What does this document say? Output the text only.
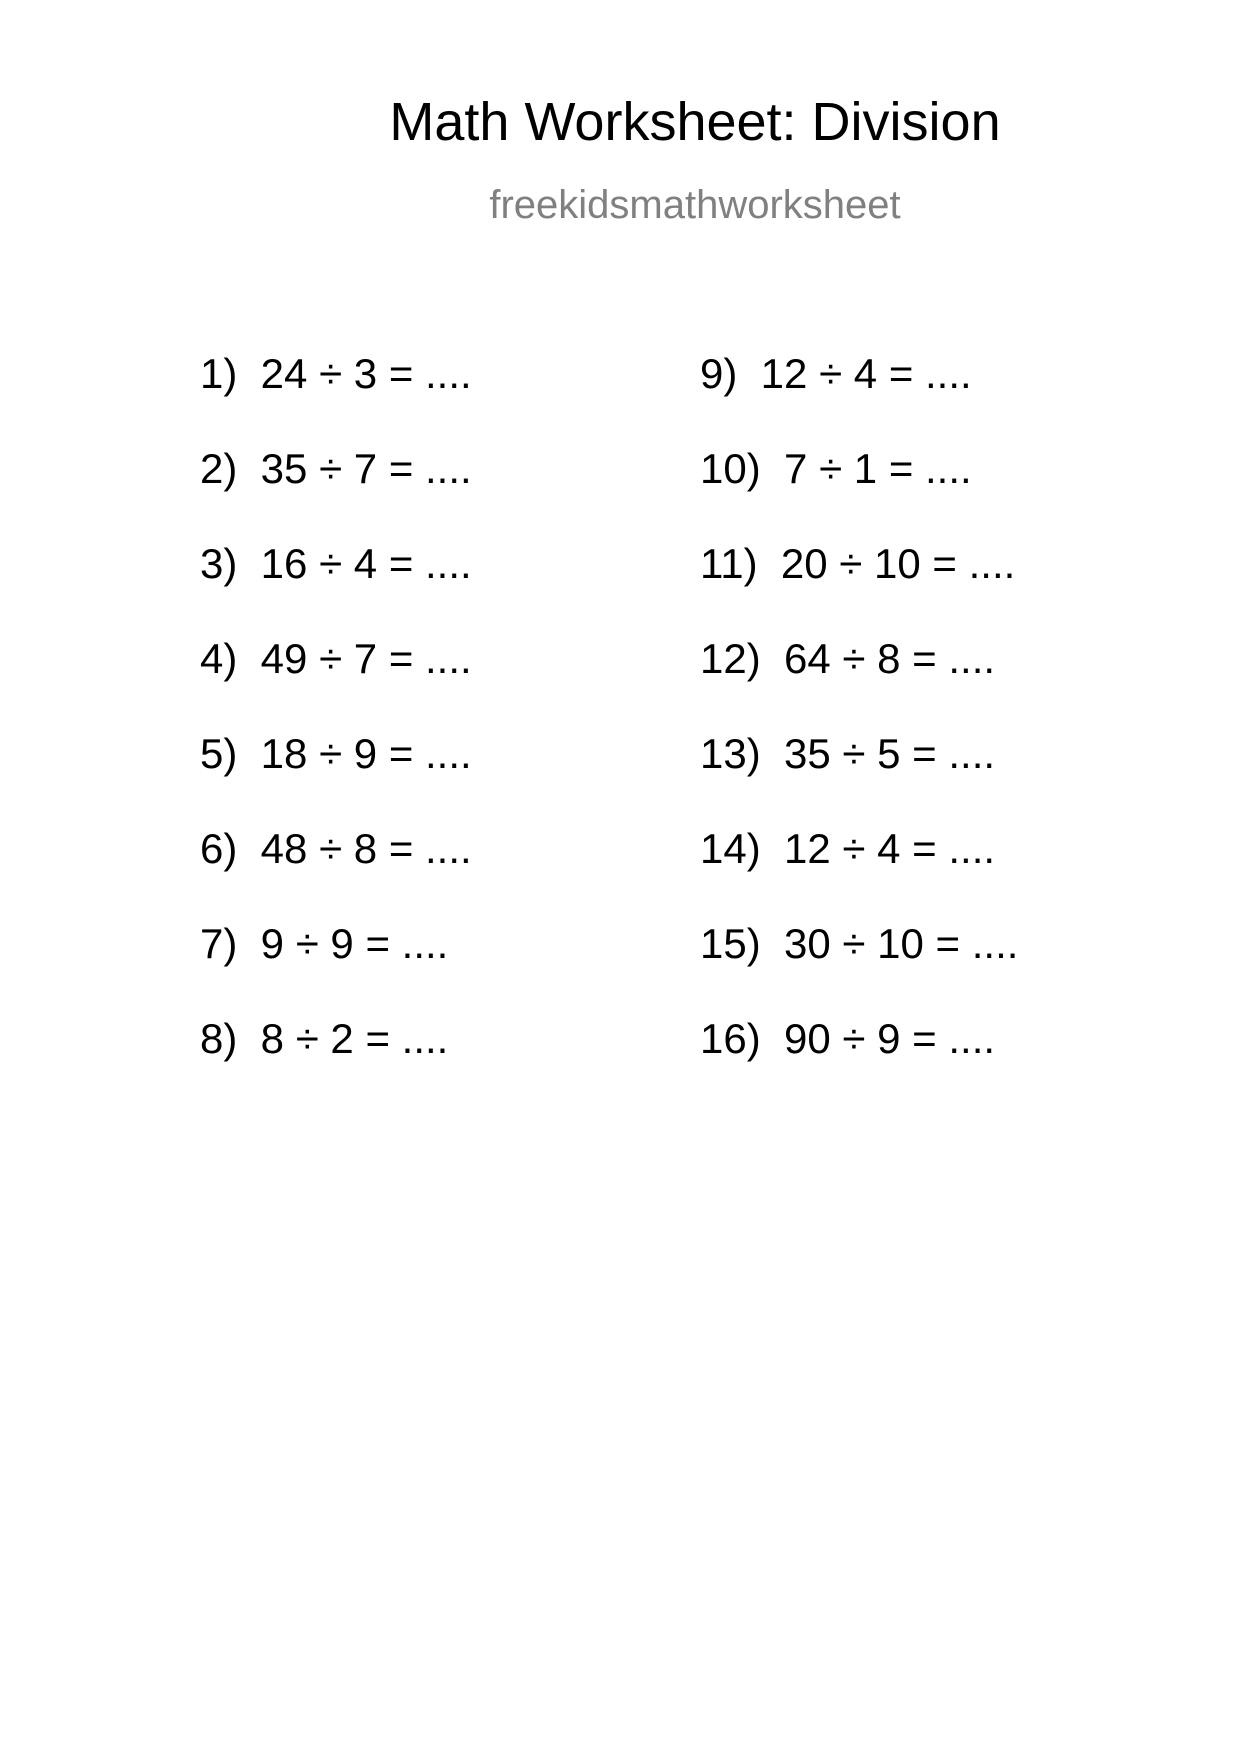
Math Worksheet: Division
freekidsmathworksheet
1)  24 ÷ 3 = ....
2)  35 ÷ 7 = ....
3)  16 ÷ 4 = ....
4)  49 ÷ 7 = ....
5)  18 ÷ 9 = ....
6)  48 ÷ 8 = ....
7)  9 ÷ 9 = ....
8)  8 ÷ 2 = ....
9)  12 ÷ 4 = ....
10)  7 ÷ 1 = ....
11)  20 ÷ 10 = ....
12)  64 ÷ 8 = ....
13)  35 ÷ 5 = ....
14)  12 ÷ 4 = ....
15)  30 ÷ 10 = ....
16)  90 ÷ 9 = ....
